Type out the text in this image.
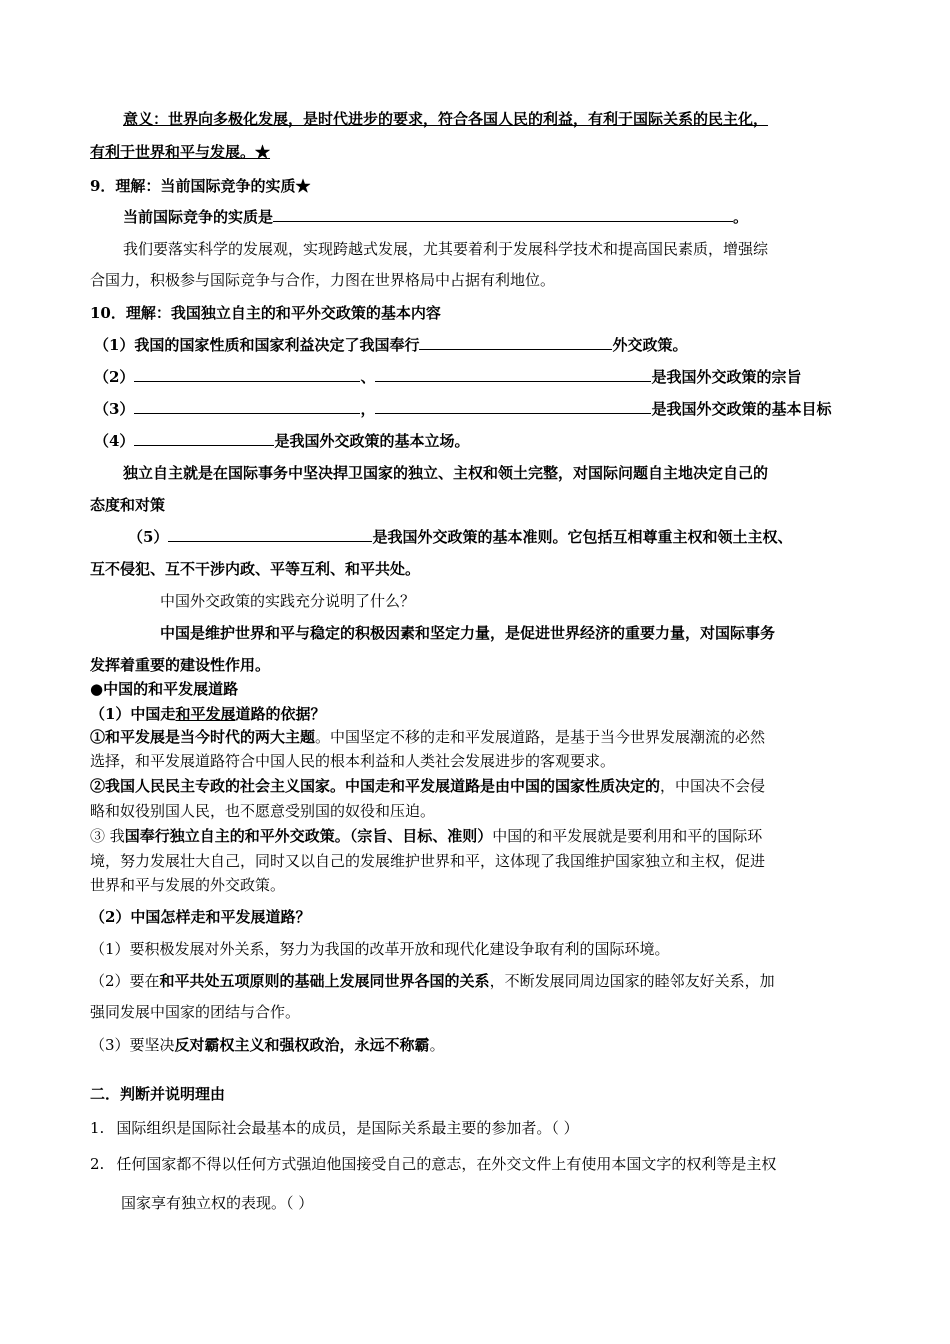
意义：世界向多极化发展，是时代进步的要求，符合各国人民的利益，有利于国际关系的民主化，
有利于世界和平与发展。★
9．理解：当前国际竞争的实质★
当前国际竞争的实质是	。
我们要落实科学的发展观，实现跨越式发展，尤其要着利于发展科学技术和提高国民素质，增强综
合国力，积极参与国际竞争与合作，力图在世界格局中占据有利地位。
10．理解：我国独立自主的和平外交政策的基本内容
（1）我国的国家性质和国家利益决定了我国奉行	外交政策。
（2）	、	是我国外交政策的宗旨
（3）	，	是我国外交政策的基本目标
（4）	是我国外交政策的基本立场。
独立自主就是在国际事务中坚决捍卫国家的独立、主权和领土完整，对国际问题自主地决定自己的
态度和对策
（5）	是我国外交政策的基本准则。它包括互相尊重主权和领土主权、
互不侵犯、互不干涉内政、平等互利、和平共处。
中国外交政策的实践充分说明了什么？
中国是维护世界和平与稳定的积极因素和坚定力量，是促进世界经济的重要力量，对国际事务
发挥着重要的建设性作用。
●中国的和平发展道路
（1）中国走和平发展道路的依据？
①和平发展是当今时代的两大主题。中国坚定不移的走和平发展道路，是基于当今世界发展潮流的必然
选择，和平发展道路符合中国人民的根本利益和人类社会发展进步的客观要求。
②我国人民民主专政的社会主义国家。中国走和平发展道路是由中国的国家性质决定的，中国决不会侵
略和奴役别国人民，也不愿意受别国的奴役和压迫。
③ 我国奉行独立自主的和平外交政策。（宗旨、目标、准则）中国的和平发展就是要利用和平的国际环
境，努力发展壮大自己，同时又以自己的发展维护世界和平，这体现了我国维护国家独立和主权，促进
世界和平与发展的外交政策。
（2）中国怎样走和平发展道路？
（1）要积极发展对外关系，努力为我国的改革开放和现代化建设争取有利的国际环境。
（2）要在和平共处五项原则的基础上发展同世界各国的关系，不断发展同周边国家的睦邻友好关系，加
强同发展中国家的团结与合作。
（3）要坚决反对霸权主义和强权政治，永远不称霸。
二．判断并说明理由
1. 国际组织是国际社会最基本的成员，是国际关系最主要的参加者。（ ）
2. 任何国家都不得以任何方式强迫他国接受自己的意志，在外交文件上有使用本国文字的权利等是主权
国家享有独立权的表现。（ ）
